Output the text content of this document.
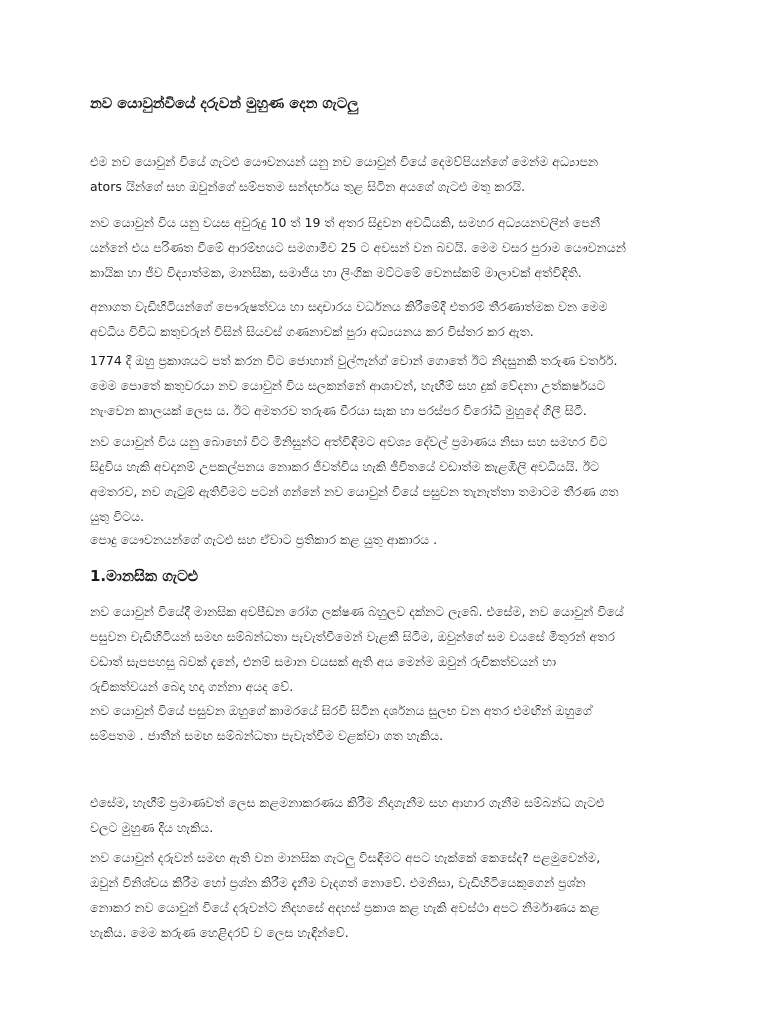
නව යොවුන්වියේ දරුවන් මුහුණ දෙන ගැටලු

එම නව යොවුන් වියේ ගැටළු යෞවනයන් යනු නව යොවුන් වියේ දෙමව්පියන්ගේ මෙන්ම අධ්‍යාපන
ators යින්ගේ සහ ඔවුන්ගේ සම්පතම සන්දර්භය තුළ සිටින අයගේ ගැටළු මතු කරයි.

නව යොවුන් විය යනු වයස අවුරුදු 10 ත් 19 ත් අතර සිදුවන අවධියකි, සමහර අධ්‍යයනවලින් පෙනී
යන්නේ එය පරිණත වීමේ ආරම්භයට සමගාමීව 25 ට අවසන් වන බවයි. මෙම වසර පුරාම යෞවනයන්
කායික හා ජීව විද්‍යාත්මක, මානසික, සමාජීය හා ලිංගික මට්ටමේ වෙනස්කම් මාලාවක් අත්විඳිති.

අනාගත වැඩිහිටියන්ගේ පෞරුෂත්වය හා සදාචාරය වර්ධනය කිරීමේදී එතරම් තීරණාත්මක වන මෙම
අවධිය විවිධ කතුවරුන් විසින් සියවස් ගණනාවක් පුරා අධ්‍යයනය කර විස්තර කර ඇත.

1774 දී ඔහු ප්‍රකාශයට පත් කරන විට ජොහාන් වුල්ෆැන්ග් වොන් ගොතේ ඊට නිදසුනකි තරුණ වර්තර්.
මෙම පොතේ කතුවරයා නව යොවුන් විය සලකන්නේ ආශාවන්, හැඟීම් සහ දුක් වේදනා උත්කර්ෂයට
නැංවෙන කාලයක් ලෙස ය. ඊට අමතරව තරුණ වීරයා සැක හා පරස්පර විරෝධී මුහුදේ ගිලී සිටී.

නව යොවුන් විය යනු බොහෝ විට මිනිසුන්ට අත්විඳීමට අවශ්‍ය දේවල් ප්‍රමාණය නිසා සහ සමහර විට
සිදුවිය හැකි අවදානම් උපකල්පනය නොකර ජීවත්විය හැකි ජීවිතයේ වඩාත්ම කැළඹිලි අවධියයි. ඊට
අමතරව, නව ගැටුම් ඇතිවීමට පටන් ගන්නේ නව යොවුන් වියේ පසුවන තැනැත්තා තමාටම තීරණ ගත
යුතු විටය.

පොදු යෞවනයන්ගේ ගැටළු සහ ඒවාට ප්‍රතිකාර කළ යුතු ආකාරය .

1.මානසික ගැටළු

නව යොවුන් වියේදී මානසික අවපීඩන රෝග ලක්ෂණ බහුලව දක්නට ලැබේ. එසේම, නව යොවුන් වියේ
පසුවන වැඩිහිටියන් සමඟ සම්බන්ධතා පැවැත්වීමෙන් වැළකී සිටීම, ඔවුන්ගේ සම වයසේ මිතුරන් අතර
වඩාත් සැපපහසු බවක් දැනේ, එනම් සමාන වයසක් ඇති අය මෙන්ම ඔවුන් රුචිකත්වයන් හා
රුචිකත්වයන් බෙදා හදා ගන්නා අයද වේ.

නව යොවුන් වියේ පසුවන ඔහුගේ කාමරයේ සිරවී සිටින දර්ශනය සුලභ වන අතර එමඟින් ඔහුගේ
සම්පතම . ජාතීන් සමඟ සම්බන්ධතා පැවැත්වීම වළක්වා ගත හැකිය.

එසේම, හැඟීම් ප්‍රමාණවත් ලෙස කළමනාකරණය කිරීම නිදාගැනීම සහ ආහාර ගැනීම සම්බන්ධ ගැටළු
වලට මුහුණ දිය හැකිය.

නව යොවුන් දරුවන් සමඟ ඇති වන මානසික ගැටලු විසඳීමට අපට හැක්කේ කෙසේද? පළමුවෙන්ම,
ඔවුන් විනිශ්චය කිරීම හෝ ප්‍රශ්න කිරීම දැනීම වැදගත් නොවේ. එමනිසා, වැඩිහිටියෙකුගෙන් ප්‍රශ්න
නොකර නව යොවුන් වියේ දරුවන්ට නිදහසේ අදහස් ප්‍රකාශ කළ හැකි අවස්ථා අපට නිර්මාණය කළ
හැකිය. මෙම කරුණ හෙළිදරව් ව ලෙස හැඳින්වේ.
